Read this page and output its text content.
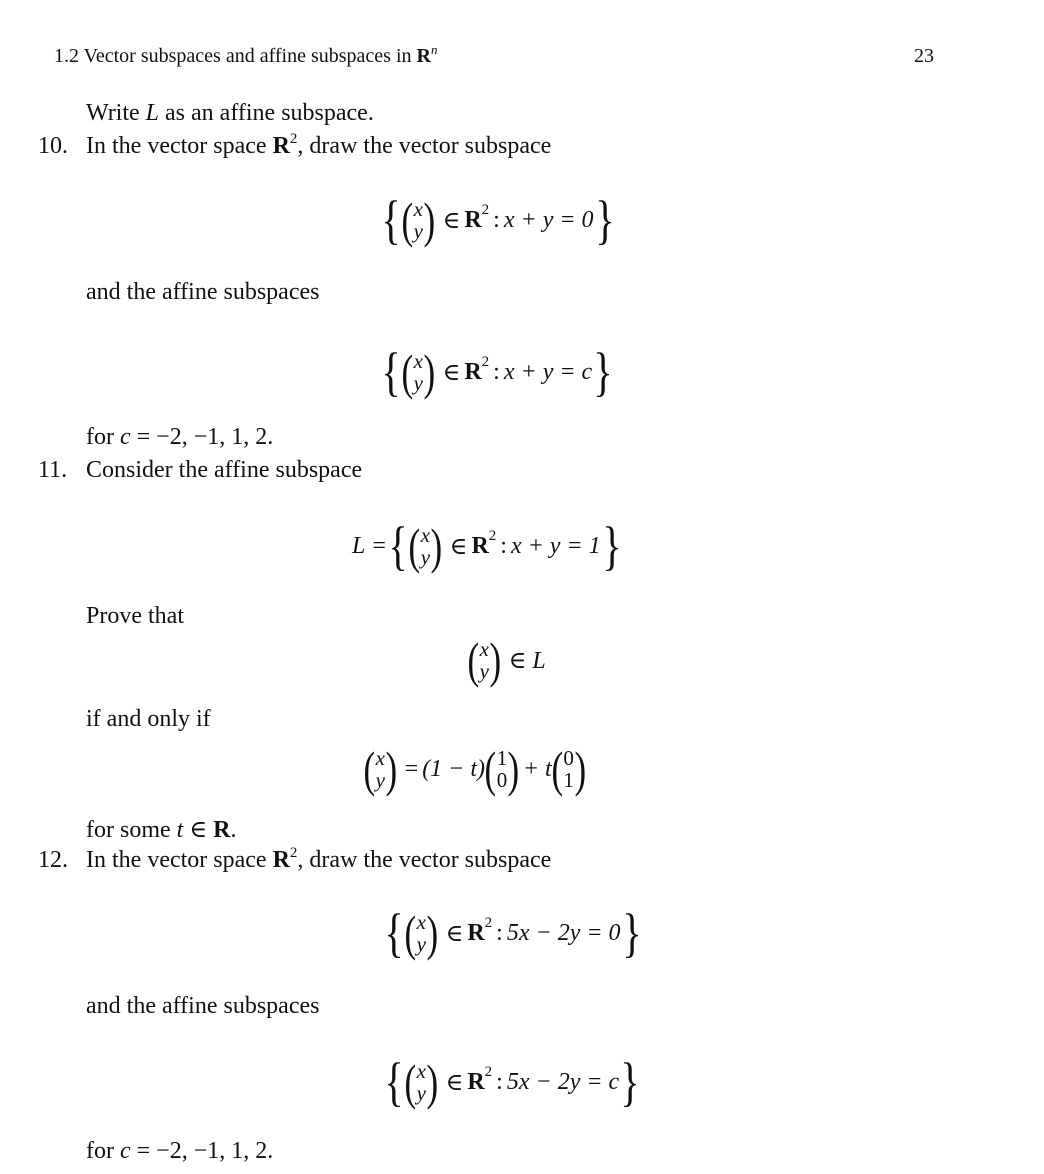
1.2 Vector subspaces and affine subspaces in $R^n$	23
Write L as an affine subspace.
10. In the vector space $R^2$, draw the vector subspace
{ ( x
y ) ∈ R 2 : x + y = 0 }
and the affine subspaces
{ ( x
y ) ∈ R 2 : x + y = c }
for c = −2, −1, 1, 2.
11. Consider the affine subspace
L = { ( x
y ) ∈ R 2 : x + y = 1 }
Prove that
( x
y ) ∈ L
if and only if
( x
y ) = (1 − t) ( 1
0 ) + t ( 0
1 )
for some t ∈ R.
12. In the vector space $R^2$, draw the vector subspace
{ ( x
y ) ∈ R 2 : 5x − 2y = 0 }
and the affine subspaces
{ ( x
y ) ∈ R 2 : 5x − 2y = c }
for c = −2, −1, 1, 2.
